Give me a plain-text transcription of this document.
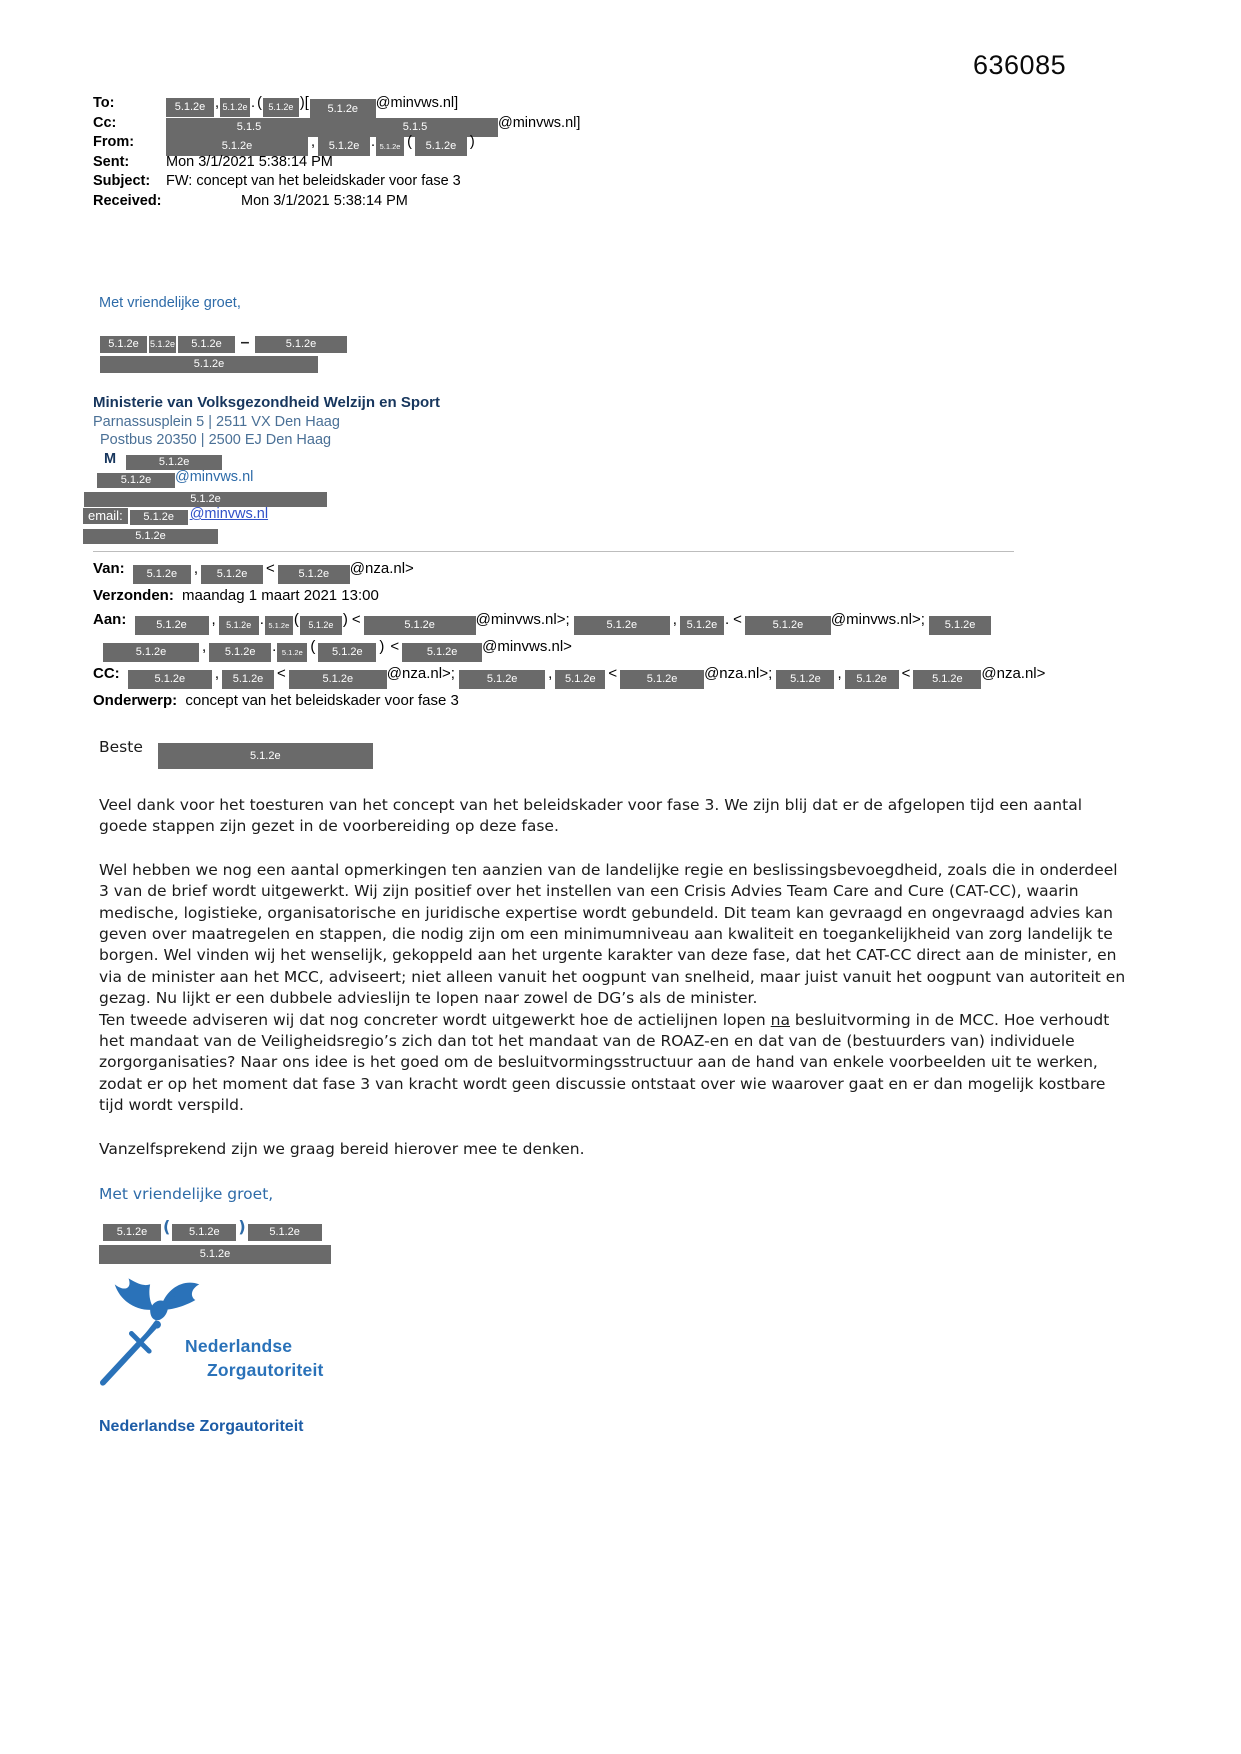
636085
To:	5.1.2e , 5.1.2e . ( 5.1.2e )[ 5.1.2e @minvws.nl]
Cc:	5.1.5	5.1.5	@minvws.nl]
From:	5.1.2e	, 5.1.2e . 5.1.2e ( 5.1.2e )
Sent:	Mon 3/1/2021 5:38:14 PM
Subject:	FW: concept van het beleidskader voor fase 3
Received:	Mon 3/1/2021 5:38:14 PM
Met vriendelijke groet,
5.1.2e 5.1.2e 5.1.2e –	5.1.2e
5.1.2e
Ministerie van Volksgezondheid Welzijn en Sport
Parnassusplein 5 | 2511 VX Den Haag
Postbus 20350 | 2500 EJ Den Haag
M	5.1.2e
5.1.2e @minvws.nl
5.1.2e
email: 5.1.2e @minvws.nl
5.1.2e
Van: 5.1.2e , 5.1.2e < 5.1.2e @nza.nl>
Verzonden: maandag 1 maart 2021 13:00
Aan:	5.1.2e , 5.1.2e . 5.1.2e ( 5.1.2e ) <	5.1.2e	@minvws.nl>;	5.1.2e , 5.1.2e . <	5.1.2e @minvws.nl>; 5.1.2e
5.1.2e , 5.1.2e . 5.1.2e ( 5.1.2e ) <	5.1.2e @minvws.nl>
CC:	5.1.2e , 5.1.2e <	5.1.2e @nza.nl>;	5.1.2e , 5.1.2e <	5.1.2e @nza.nl>; 5.1.2e , 5.1.2e < 5.1.2e @nza.nl>
Onderwerp: concept van het beleidskader voor fase 3
Beste	5.1.2e

Veel dank voor het toesturen van het concept van het beleidskader voor fase 3. We zijn blij dat er de afgelopen tijd een aantal goede stappen zijn gezet in de voorbereiding op deze fase.

Wel hebben we nog een aantal opmerkingen ten aanzien van de landelijke regie en beslissingsbevoegdheid, zoals die in onderdeel 3 van de brief wordt uitgewerkt. Wij zijn positief over het instellen van een Crisis Advies Team Care and Cure (CAT-CC), waarin medische, logistieke, organisatorische en juridische expertise wordt gebundeld. Dit team kan gevraagd en ongevraagd advies kan geven over maatregelen en stappen, die nodig zijn om een minimumniveau aan kwaliteit en toegankelijkheid van zorg landelijk te borgen. Wel vinden wij het wenselijk, gekoppeld aan het urgente karakter van deze fase, dat het CAT-CC direct aan de minister, en via de minister aan het MCC, adviseert; niet alleen vanuit het oogpunt van snelheid, maar juist vanuit het oogpunt van autoriteit en gezag. Nu lijkt er een dubbele advieslijn te lopen naar zowel de DG’s als de minister.
Ten tweede adviseren wij dat nog concreter wordt uitgewerkt hoe de actielijnen lopen na besluitvorming in de MCC. Hoe verhoudt het mandaat van de Veiligheidsregio’s zich dan tot het mandaat van de ROAZ-en en dat van de (bestuurders van) individuele zorgorganisaties? Naar ons idee is het goed om de besluitvormingsstructuur aan de hand van enkele voorbeelden uit te werken, zodat er op het moment dat fase 3 van kracht wordt geen discussie ontstaat over wie waarover gaat en er dan mogelijk kostbare tijd wordt verspild.

Vanzelfsprekend zijn we graag bereid hierover mee te denken.

Met vriendelijke groet,

5.1.2e ( 5.1.2e ) 5.1.2e
5.1.2e
Nederlandse
Zorgautoriteit
Nederlandse Zorgautoriteit
